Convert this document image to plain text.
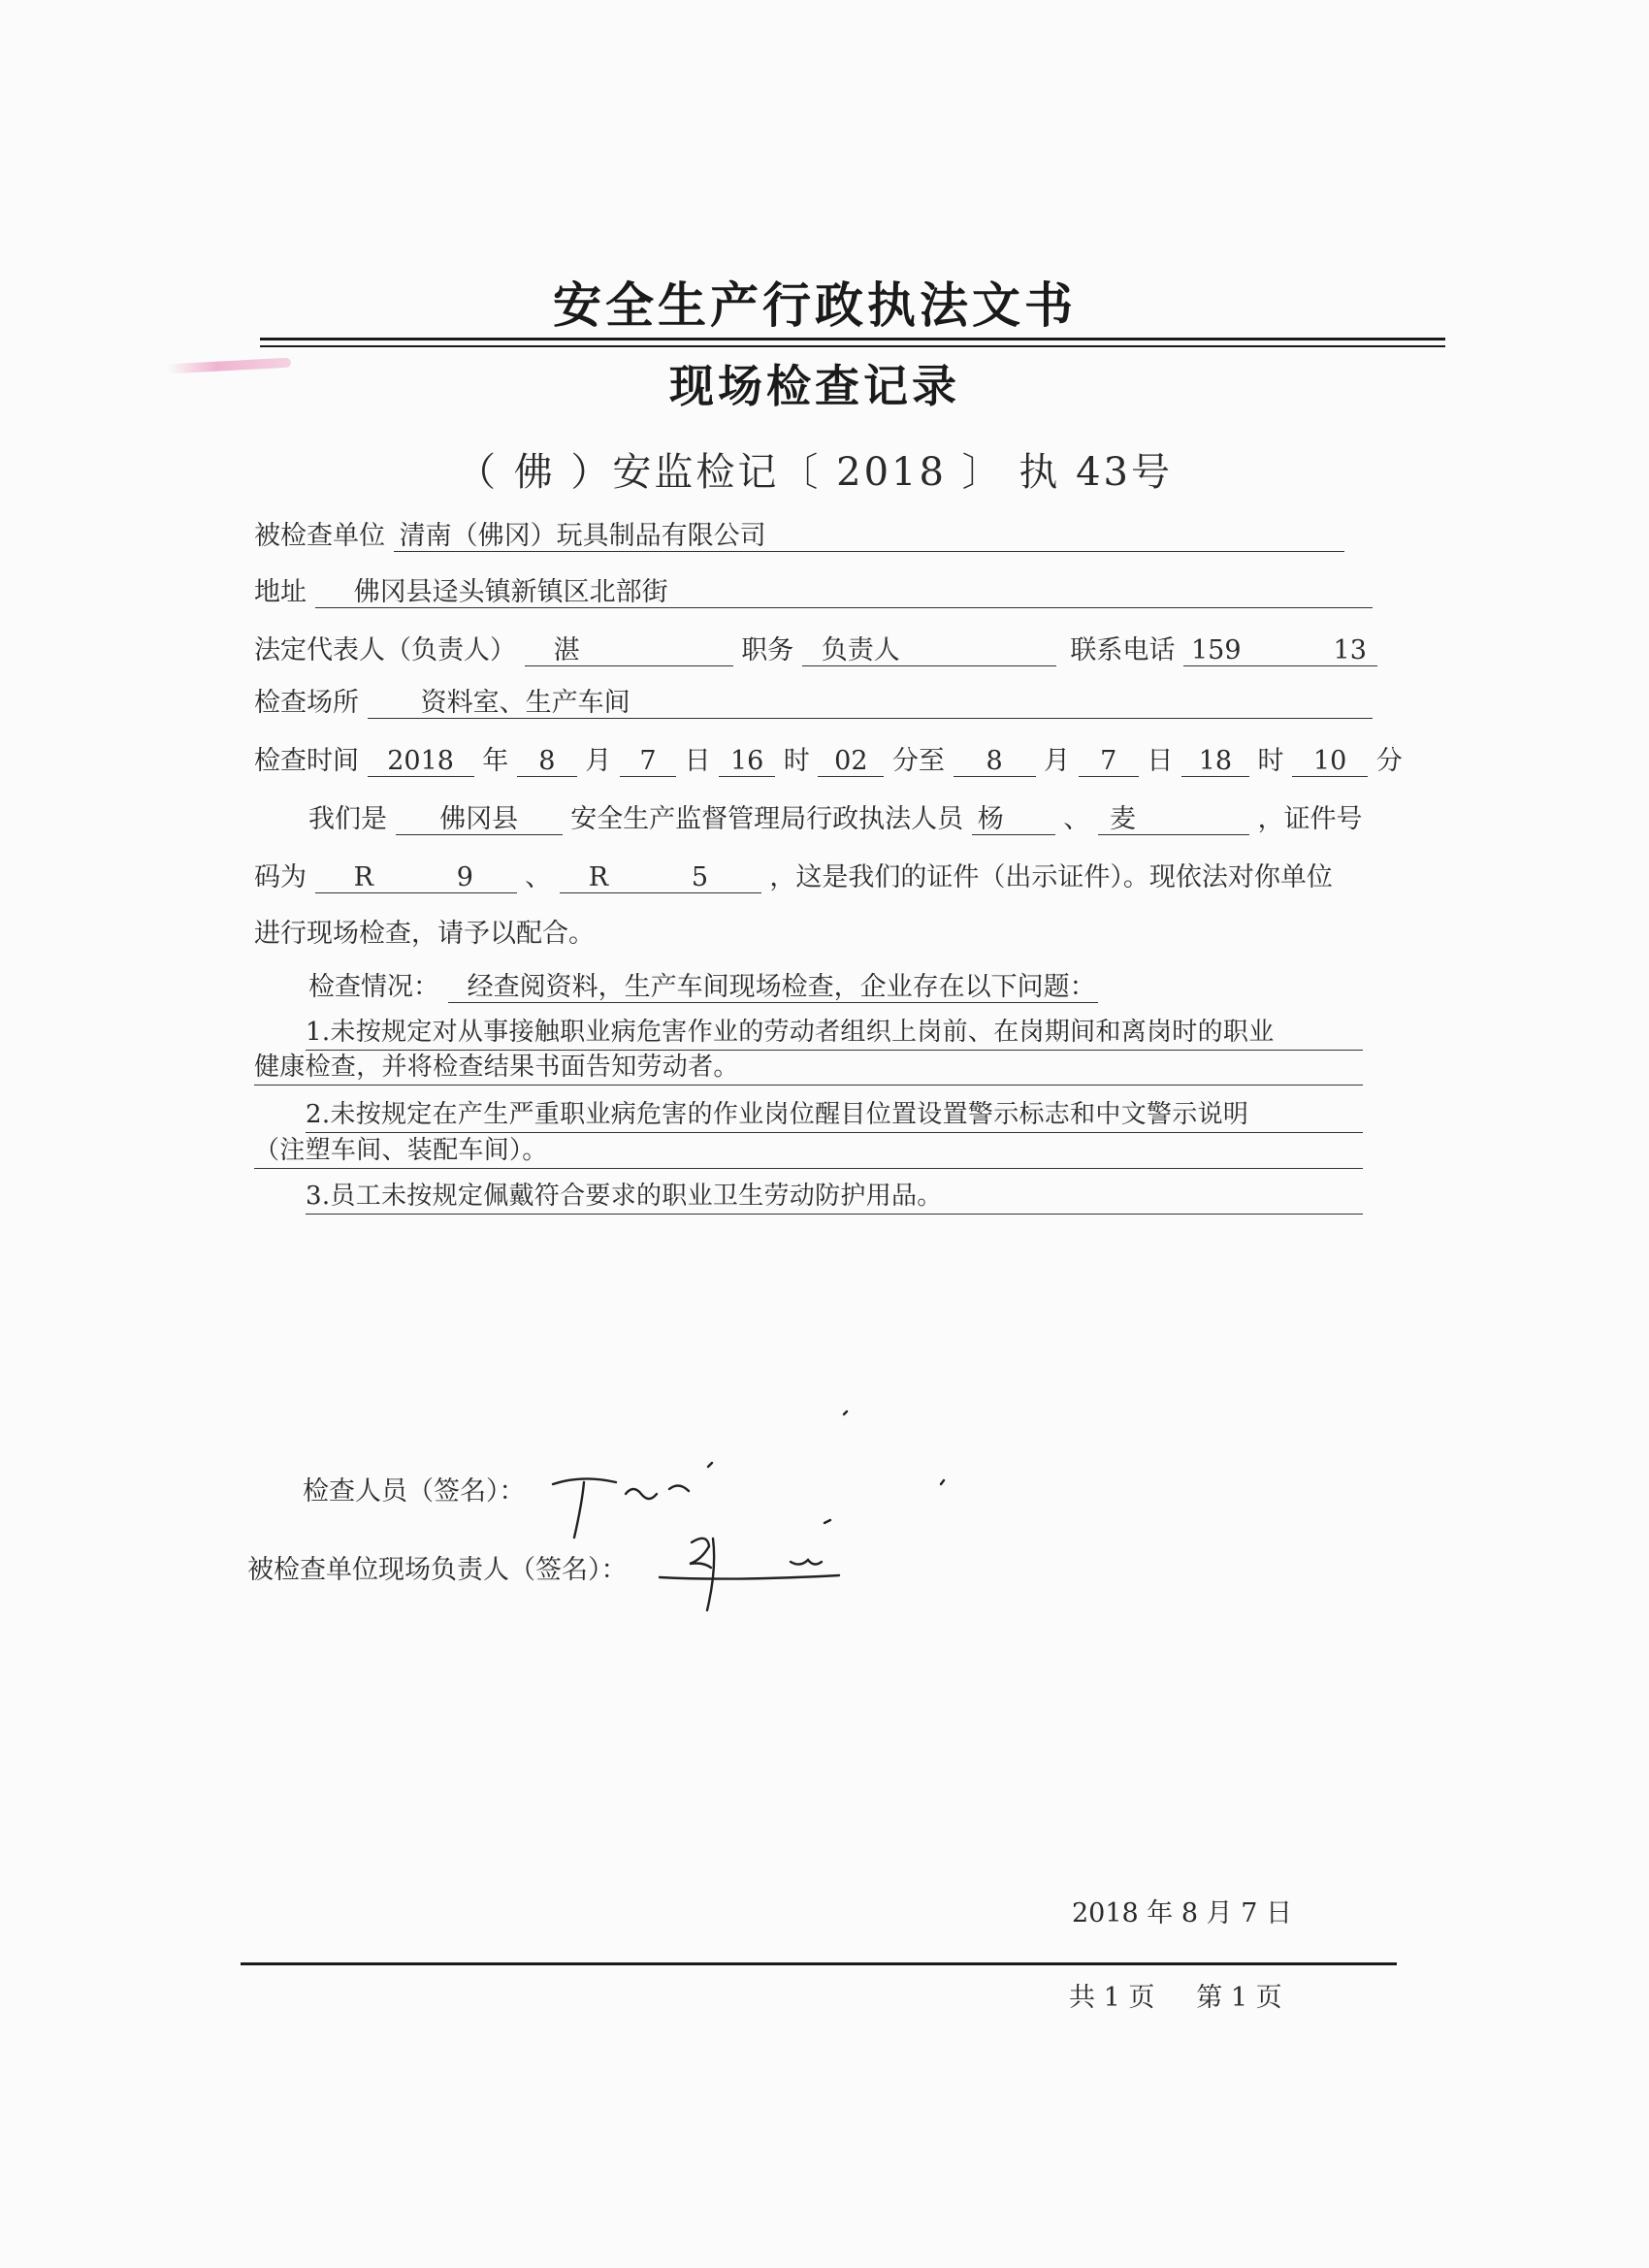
安全生产行政执法文书
现场检查记录
（ 佛 ）安监检记〔 2018 〕 执 43号
被检查单位 清南（佛冈）玩具制品有限公司
地址 佛冈县迳头镇新镇区北部街
法定代表人（负责人） 湛	职务 负责人	联系电话 159	13
检查场所 资料室、生产车间
检查时间 2018 年 8 月 7 日 16 时 02 分至 8 月 7 日 18 时 10 分
我们是 佛冈县 安全生产监督管理局行政执法人员 杨 、 麦	，证件号
码为 R          9 、 R          5 ，这是我们的证件（出示证件）。现依法对你单位
进行现场检查，请予以配合。
检查情况： 经查阅资料，生产车间现场检查，企业存在以下问题：
1.未按规定对从事接触职业病危害作业的劳动者组织上岗前、在岗期间和离岗时的职业
健康检查，并将检查结果书面告知劳动者。
2.未按规定在产生严重职业病危害的作业岗位醒目位置设置警示标志和中文警示说明
（注塑车间、装配车间）。
3.员工未按规定佩戴符合要求的职业卫生劳动防护用品。
检查人员（签名）：
被检查单位现场负责人（签名）：
2018 年 8 月 7 日
共 1 页     第 1 页
